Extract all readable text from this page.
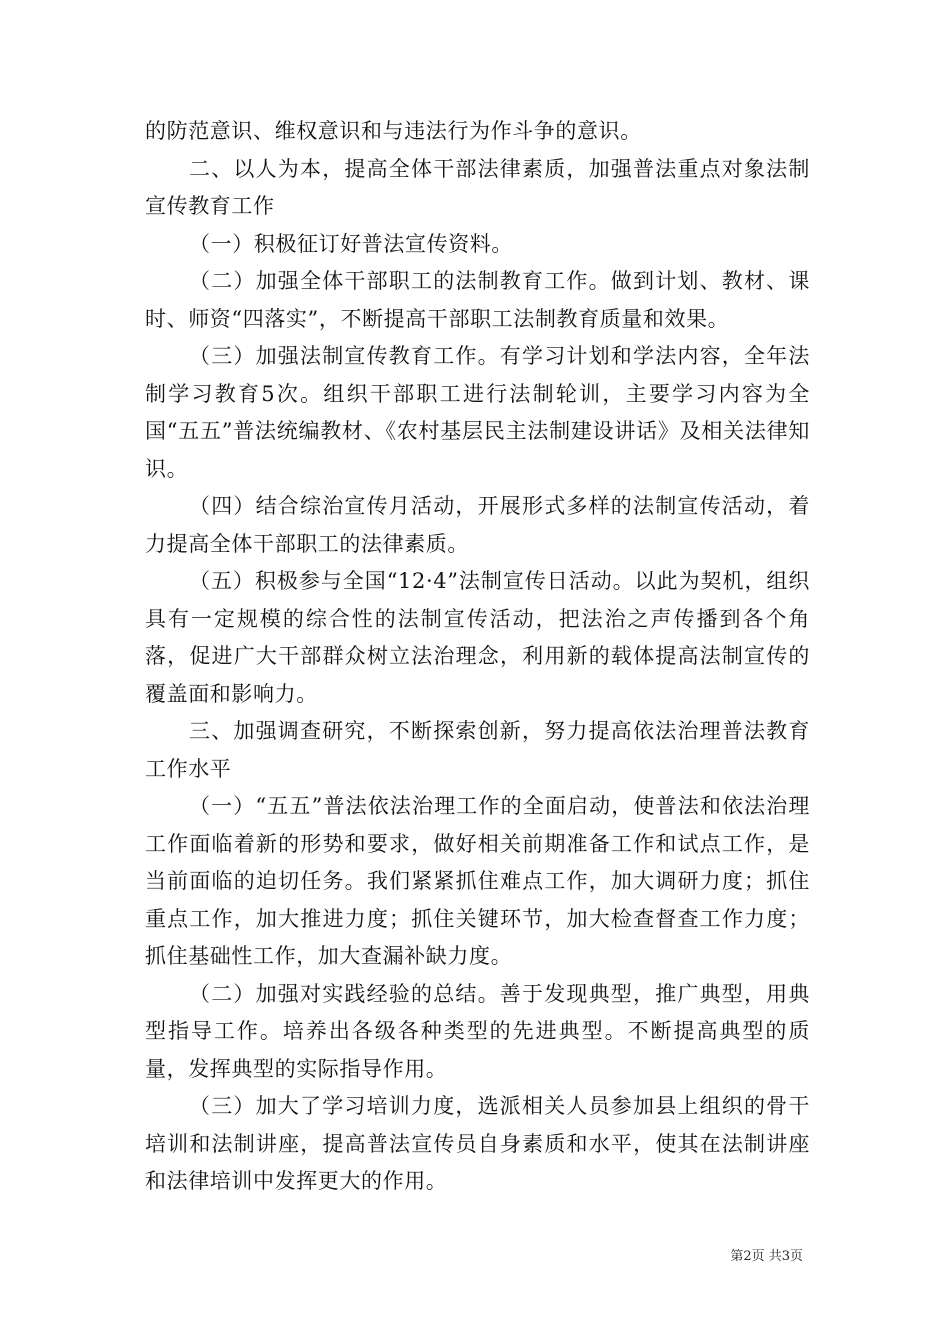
的防范意识、维权意识和与违法行为作斗争的意识。

二、以人为本，提高全体干部法律素质，加强普法重点对象法制宣传教育工作

（一）积极征订好普法宣传资料。

（二）加强全体干部职工的法制教育工作。做到计划、教材、课时、师资“四落实”，不断提高干部职工法制教育质量和效果。

（三）加强法制宣传教育工作。有学习计划和学法内容，全年法制学习教育5次。组织干部职工进行法制轮训，主要学习内容为全国“五五”普法统编教材、《农村基层民主法制建设讲话》及相关法律知识。

（四）结合综治宣传月活动，开展形式多样的法制宣传活动，着力提高全体干部职工的法律素质。

（五）积极参与全国“12·4”法制宣传日活动。以此为契机，组织具有一定规模的综合性的法制宣传活动，把法治之声传播到各个角落，促进广大干部群众树立法治理念，利用新的载体提高法制宣传的覆盖面和影响力。

三、加强调查研究，不断探索创新，努力提高依法治理普法教育工作水平

（一）“五五”普法依法治理工作的全面启动，使普法和依法治理工作面临着新的形势和要求，做好相关前期准备工作和试点工作，是当前面临的迫切任务。我们紧紧抓住难点工作，加大调研力度；抓住重点工作，加大推进力度；抓住关键环节，加大检查督查工作力度；抓住基础性工作，加大查漏补缺力度。

（二）加强对实践经验的总结。善于发现典型，推广典型，用典型指导工作。培养出各级各种类型的先进典型。不断提高典型的质量，发挥典型的实际指导作用。

（三）加大了学习培训力度，选派相关人员参加县上组织的骨干培训和法制讲座，提高普法宣传员自身素质和水平，使其在法制讲座和法律培训中发挥更大的作用。

第2页 共3页
